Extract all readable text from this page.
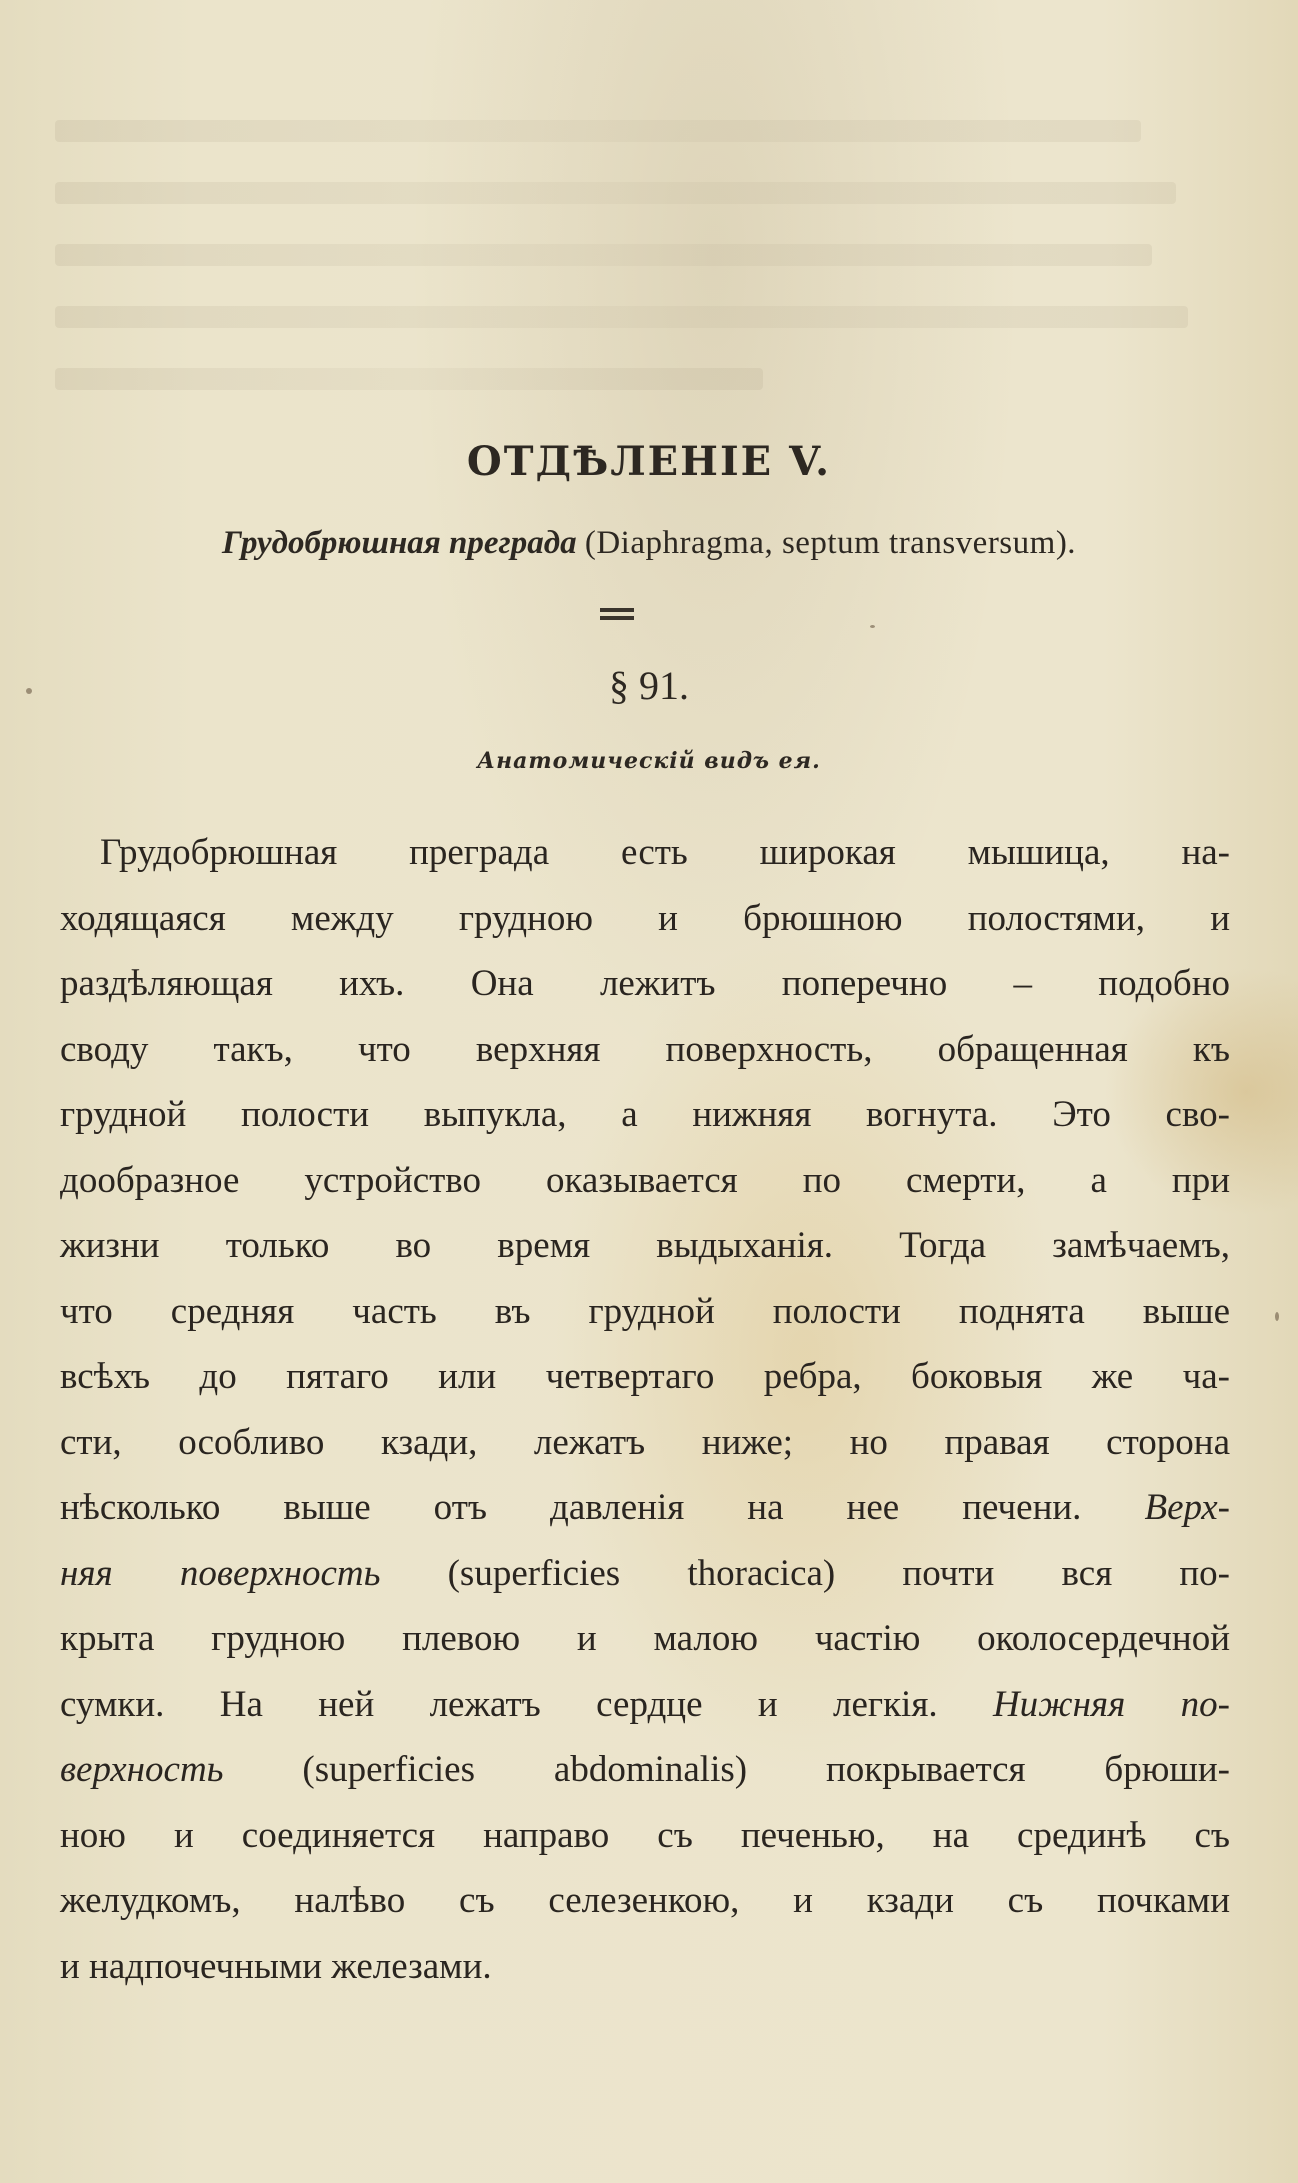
ОТДѢЛЕНІЕ V.
Грудобрюшная преграда (Diaphragma, septum transversum).
§ 91.
Анатомическій видъ ея.
Грудобрюшная преграда есть широкая мышица, на-
ходящаяся между грудною и брюшною полостями, и
раздѣляющая ихъ. Она лежитъ поперечно – подобно
своду такъ, что верхняя поверхность, обращенная къ
грудной полости выпукла, а нижняя вогнута. Это сво-
дообразное устройство оказывается по смерти, а при
жизни только во время выдыханія. Тогда замѣчаемъ,
что средняя часть въ грудной полости поднята выше
всѣхъ до пятаго или четвертаго ребра, боковыя же ча-
сти, особливо кзади, лежатъ ниже; но правая сторона
нѣсколько выше отъ давленія на нее печени. Верх-
няя поверхность (superficies thoracica) почти вся по-
крыта грудною плевою и малою частію околосердечной
сумки. На ней лежатъ сердце и легкія. Нижняя по-
верхность (superficies abdominalis) покрывается брюши-
ною и соединяется направо съ печенью, на срединѣ съ
желудкомъ, налѣво съ селезенкою, и кзади съ почками
и надпочечными железами.
